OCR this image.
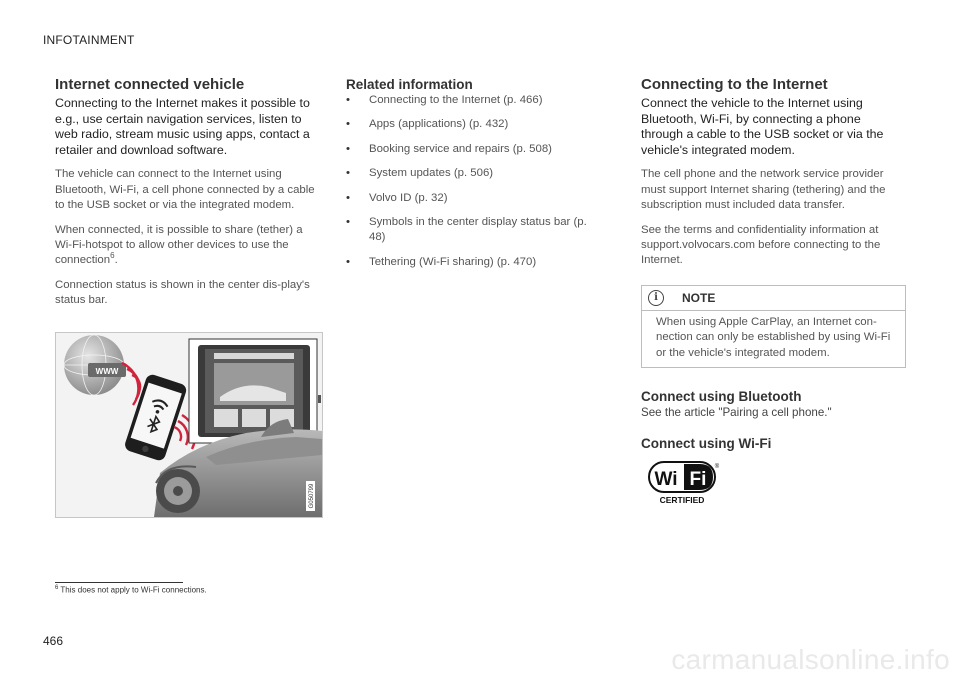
INFOTAINMENT
Internet connected vehicle

Connecting to the Internet makes it possible to e.g., use certain navigation services, listen to web radio, stream music using apps, contact a retailer and download software.

The vehicle can connect to the Internet using Bluetooth, Wi-Fi, a cell phone connected by a cable to the USB socket or via the integrated modem.

When connected, it is possible to share (tether) a Wi-Fi-hotspot to allow other devices to use the connection$^6$.

Connection status is shown in the center dis-play's status bar.

WWW
G050799
Related information
• Connecting to the Internet (p. 466)
• Apps (applications) (p. 432)
• Booking service and repairs (p. 508)
• System updates (p. 506)
• Volvo ID (p. 32)
• Symbols in the center display status bar (p. 48)
• Tethering (Wi-Fi sharing) (p. 470)
Connecting to the Internet

Connect the vehicle to the Internet using Bluetooth, Wi-Fi, by connecting a phone through a cable to the USB socket or via the vehicle's integrated modem.

The cell phone and the network service provider must support Internet sharing (tethering) and the subscription must included data transfer.

See the terms and confidentiality information at support.volvocars.com before connecting to the Internet.

i	NOTE
When using Apple CarPlay, an Internet con-nection can only be established by using Wi-Fi or the vehicle's integrated modem.
Connect using Bluetooth

See the article "Pairing a cell phone."

Connect using Wi-Fi
Wi Fi
®
CERTIFIED
$^6$ This does not apply to Wi-Fi connections.
466
carmanualsonline.info
